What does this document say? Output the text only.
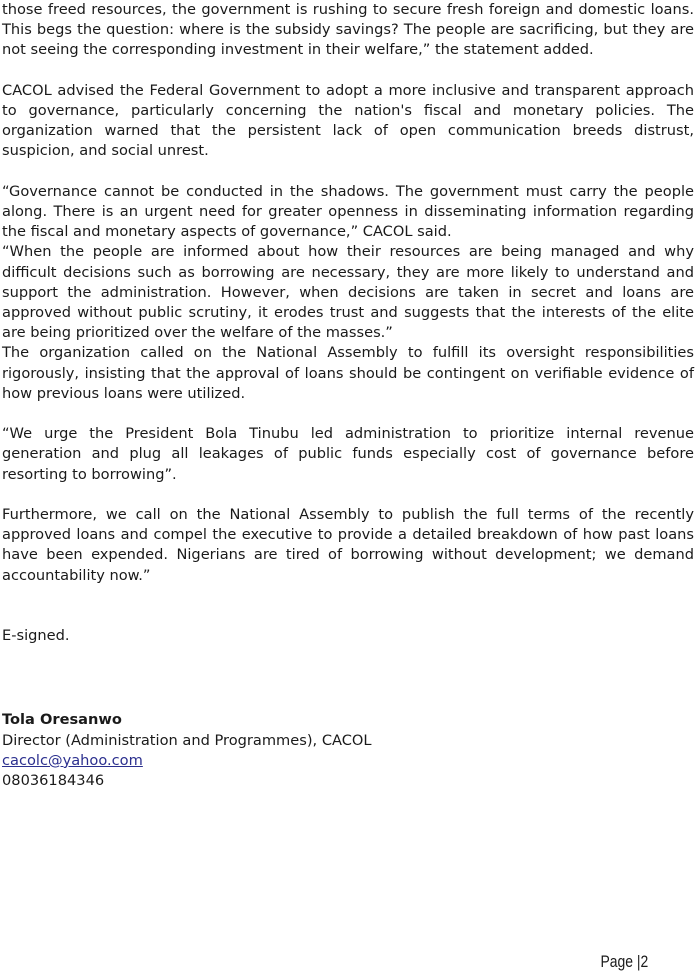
those freed resources, the government is rushing to secure fresh foreign and domestic loans. This begs the question: where is the subsidy savings? The people are sacrificing, but they are not seeing the corresponding investment in their welfare,” the statement added.

CACOL advised the Federal Government to adopt a more inclusive and transparent approach to governance, particularly concerning the nation's fiscal and monetary policies. The organization warned that the persistent lack of open communication breeds distrust, suspicion, and social unrest.

“Governance cannot be conducted in the shadows. The government must carry the people along. There is an urgent need for greater openness in disseminating information regarding the fiscal and monetary aspects of governance,” CACOL said.

“When the people are informed about how their resources are being managed and why difficult decisions such as borrowing are necessary, they are more likely to understand and support the administration. However, when decisions are taken in secret and loans are approved without public scrutiny, it erodes trust and suggests that the interests of the elite are being prioritized over the welfare of the masses.”

The organization called on the National Assembly to fulfill its oversight responsibilities rigorously, insisting that the approval of loans should be contingent on verifiable evidence of how previous loans were utilized.

“We urge the President Bola Tinubu led administration to prioritize internal revenue generation and plug all leakages of public funds especially cost of governance before resorting to borrowing”.

Furthermore, we call on the National Assembly to publish the full terms of the recently approved loans and compel the executive to provide a detailed breakdown of how past loans have been expended. Nigerians are tired of borrowing without development; we demand accountability now.”

E-signed.

Tola Oresanwo

Director (Administration and Programmes), CACOL

cacolc@yahoo.com

08036184346

Page |2
